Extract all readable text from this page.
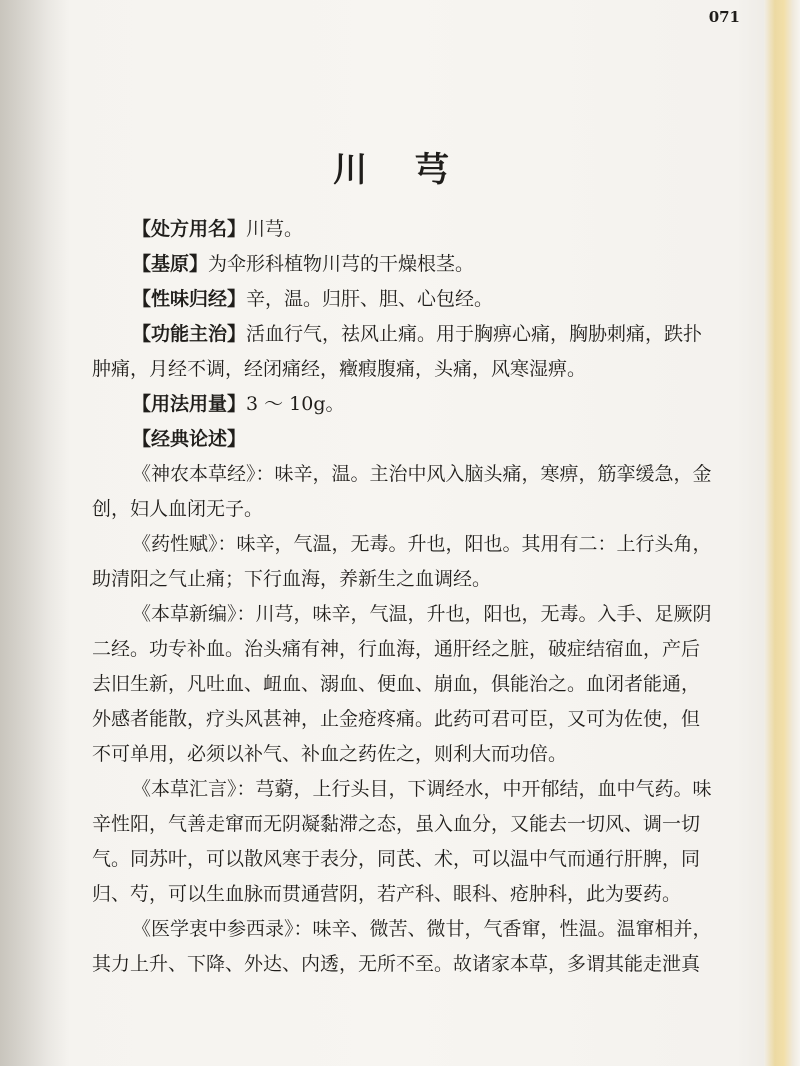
071
川 芎
【处方用名】川芎。
【基原】为伞形科植物川芎的干燥根茎。
【性味归经】辛，温。归肝、胆、心包经。
【功能主治】活血行气，祛风止痛。用于胸痹心痛，胸胁刺痛，跌扑
肿痛，月经不调，经闭痛经，癥瘕腹痛，头痛，风寒湿痹。
【用法用量】3 ～ 10g。
【经典论述】
《神农本草经》：味辛，温。主治中风入脑头痛，寒痹，筋挛缓急，金
创，妇人血闭无子。
《药性赋》：味辛，气温，无毒。升也，阳也。其用有二：上行头角，
助清阳之气止痛；下行血海，养新生之血调经。
《本草新编》：川芎，味辛，气温，升也，阳也，无毒。入手、足厥阴
二经。功专补血。治头痛有神，行血海，通肝经之脏，破症结宿血，产后
去旧生新，凡吐血、衄血、溺血、便血、崩血，俱能治之。血闭者能通，
外感者能散，疗头风甚神，止金疮疼痛。此药可君可臣，又可为佐使，但
不可单用，必须以补气、补血之药佐之，则利大而功倍。
《本草汇言》：芎藭，上行头目，下调经水，中开郁结，血中气药。味
辛性阳，气善走窜而无阴凝黏滞之态，虽入血分，又能去一切风、调一切
气。同苏叶，可以散风寒于表分，同芪、术，可以温中气而通行肝脾，同
归、芍，可以生血脉而贯通营阴，若产科、眼科、疮肿科，此为要药。
《医学衷中参西录》：味辛、微苦、微甘，气香窜，性温。温窜相并，
其力上升、下降、外达、内透，无所不至。故诸家本草，多谓其能走泄真
